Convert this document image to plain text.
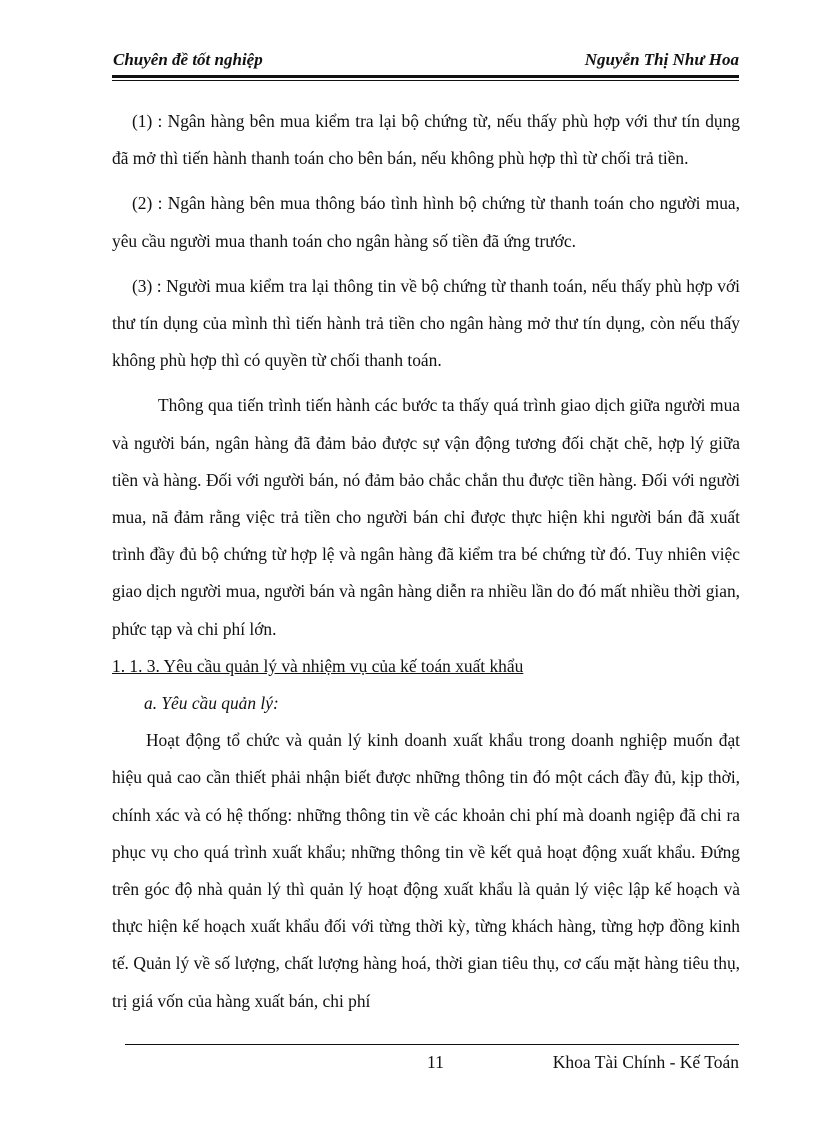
Chuyên đề tốt nghiệp	Nguyễn Thị Như Hoa

(1) : Ngân hàng bên mua kiểm tra lại bộ chứng từ, nếu thấy phù hợp với thư tín dụng đã mở thì tiến hành thanh toán cho bên bán, nếu không phù hợp thì từ chối trả tiền.

(2) : Ngân hàng bên mua thông báo tình hình bộ chứng từ thanh toán cho người mua, yêu cầu người mua thanh toán cho ngân hàng số tiền đã ứng trước.

(3) : Người mua kiểm tra lại thông tin về bộ chứng từ thanh toán, nếu thấy phù hợp với thư tín dụng của mình thì tiến hành trả tiền cho ngân hàng mở thư tín dụng, còn nếu thấy không phù hợp thì có quyền từ chối thanh toán.

Thông qua tiến trình tiến hành các bước ta thấy quá trình giao dịch giữa người mua và người bán, ngân hàng đã đảm bảo được sự vận động tương đối chặt chẽ, hợp lý giữa tiền và hàng. Đối với người bán, nó đảm bảo chắc chắn thu được tiền hàng. Đối với người mua, nã đảm rằng việc trả tiền cho người bán chỉ được thực hiện khi người bán đã xuất trình đầy đủ bộ chứng từ hợp lệ và ngân hàng đã kiểm tra bé chứng từ đó. Tuy nhiên việc giao dịch người mua, người bán và ngân hàng diễn ra nhiều lần do đó mất nhiều thời gian, phức tạp và chi phí lớn.

1. 1. 3. Yêu cầu quản lý và nhiệm vụ của kế toán xuất khẩu

a. Yêu cầu quản lý:

Hoạt động tổ chức và quản lý kinh doanh xuất khẩu trong doanh nghiệp muốn đạt hiệu quả cao cần thiết phải nhận biết được những thông tin đó một cách đầy đủ, kịp thời, chính xác và có hệ thống: những thông tin về các khoản chi phí mà doanh ngiệp đã chi ra phục vụ cho quá trình xuất khẩu; những thông tin về kết quả hoạt động xuất khẩu. Đứng trên góc độ nhà quản lý thì quản lý hoạt động xuất khẩu là quản lý việc lập kế hoạch và thực hiện kế hoạch xuất khẩu đối với từng thời kỳ, từng khách hàng, từng hợp đồng kinh tế. Quản lý về số lượng, chất lượng hàng hoá, thời gian tiêu thụ, cơ cấu mặt hàng tiêu thụ, trị giá vốn của hàng xuất bán, chi phí

11	Khoa Tài Chính - Kế Toán
